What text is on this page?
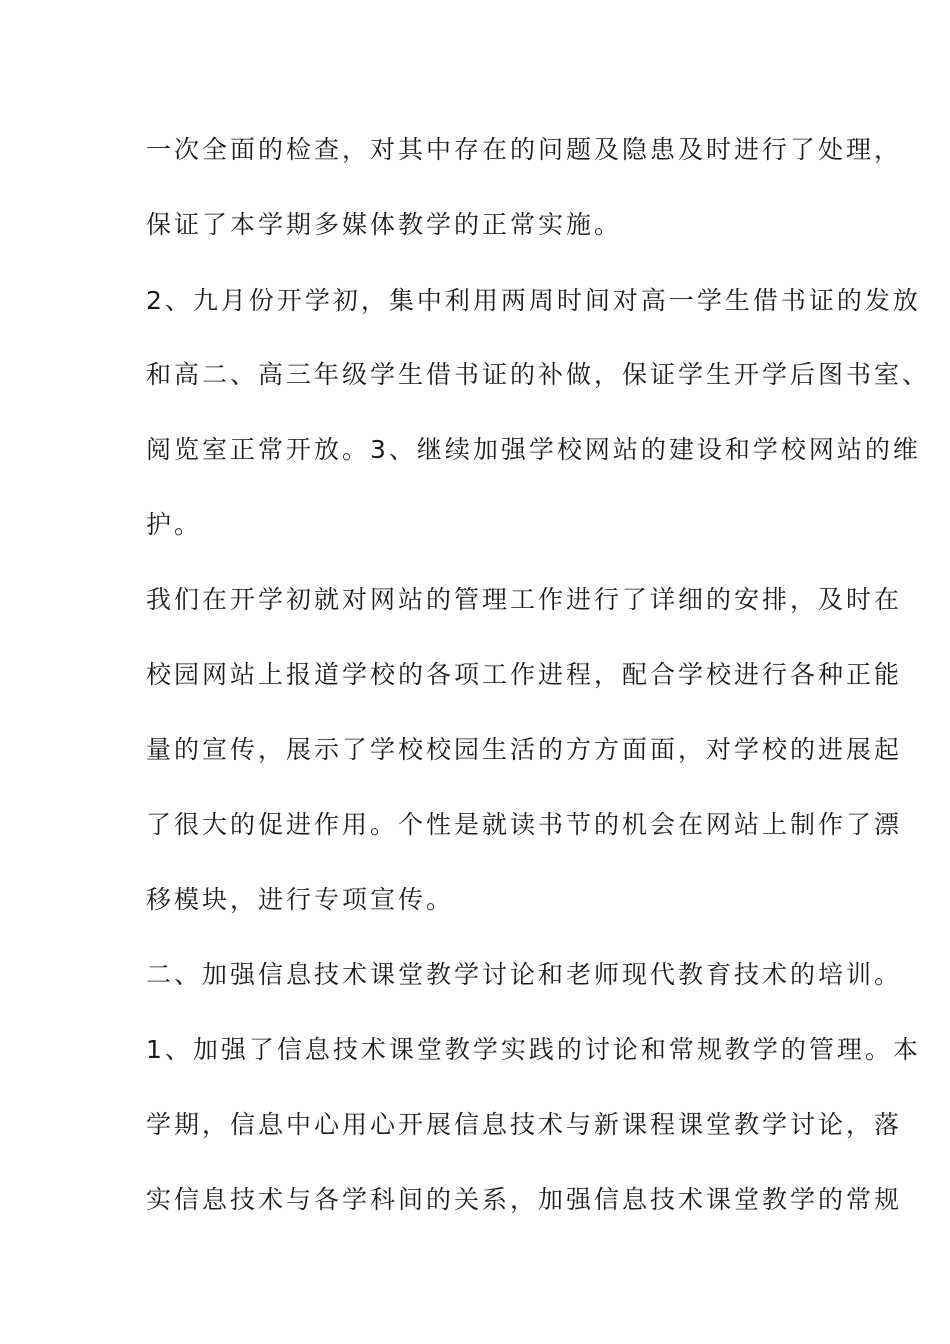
一次全面的检查，对其中存在的问题及隐患及时进行了处理，
保证了本学期多媒体教学的正常实施。
2、九月份开学初，集中利用两周时间对高一学生借书证的发放
和高二、高三年级学生借书证的补做，保证学生开学后图书室、
阅览室正常开放。3、继续加强学校网站的建设和学校网站的维
护。
我们在开学初就对网站的管理工作进行了详细的安排，及时在
校园网站上报道学校的各项工作进程，配合学校进行各种正能
量的宣传，展示了学校校园生活的方方面面，对学校的进展起
了很大的促进作用。个性是就读书节的机会在网站上制作了漂
移模块，进行专项宣传。
二、加强信息技术课堂教学讨论和老师现代教育技术的培训。
1、加强了信息技术课堂教学实践的讨论和常规教学的管理。本
学期，信息中心用心开展信息技术与新课程课堂教学讨论，落
实信息技术与各学科间的关系，加强信息技术课堂教学的常规
